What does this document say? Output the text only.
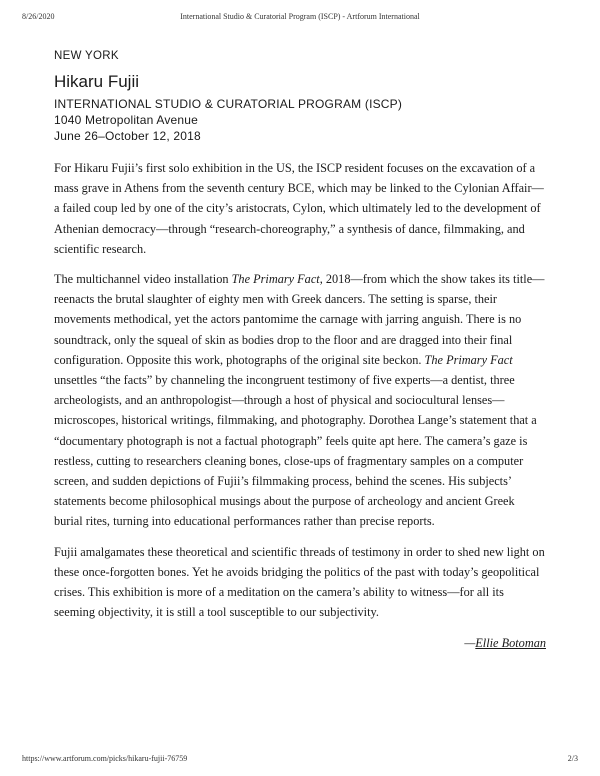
8/26/2020	International Studio & Curatorial Program (ISCP) - Artforum International
NEW YORK
Hikaru Fujii
INTERNATIONAL STUDIO & CURATORIAL PROGRAM (ISCP)
1040 Metropolitan Avenue
June 26–October 12, 2018

For Hikaru Fujii’s first solo exhibition in the US, the ISCP resident focuses on the excavation of a mass grave in Athens from the seventh century BCE, which may be linked to the Cylonian Affair—a failed coup led by one of the city’s aristocrats, Cylon, which ultimately led to the development of Athenian democracy—through “research-choreography,” a synthesis of dance, filmmaking, and scientific research.

The multichannel video installation The Primary Fact, 2018—from which the show takes its title—reenacts the brutal slaughter of eighty men with Greek dancers. The setting is sparse, their movements methodical, yet the actors pantomime the carnage with jarring anguish. There is no soundtrack, only the squeal of skin as bodies drop to the floor and are dragged into their final configuration. Opposite this work, photographs of the original site beckon. The Primary Fact unsettles “the facts” by channeling the incongruent testimony of five experts—a dentist, three archeologists, and an anthropologist—through a host of physical and sociocultural lenses—microscopes, historical writings, filmmaking, and photography. Dorothea Lange’s statement that a “documentary photograph is not a factual photograph” feels quite apt here. The camera’s gaze is restless, cutting to researchers cleaning bones, close-ups of fragmentary samples on a computer screen, and sudden depictions of Fujii’s filmmaking process, behind the scenes. His subjects’ statements become philosophical musings about the purpose of archeology and ancient Greek burial rites, turning into educational performances rather than precise reports.

Fujii amalgamates these theoretical and scientific threads of testimony in order to shed new light on these once-forgotten bones. Yet he avoids bridging the politics of the past with today’s geopolitical crises. This exhibition is more of a meditation on the camera’s ability to witness—for all its seeming objectivity, it is still a tool susceptible to our subjectivity.

—Ellie Botoman
https://www.artforum.com/picks/hikaru-fujii-76759	2/3
